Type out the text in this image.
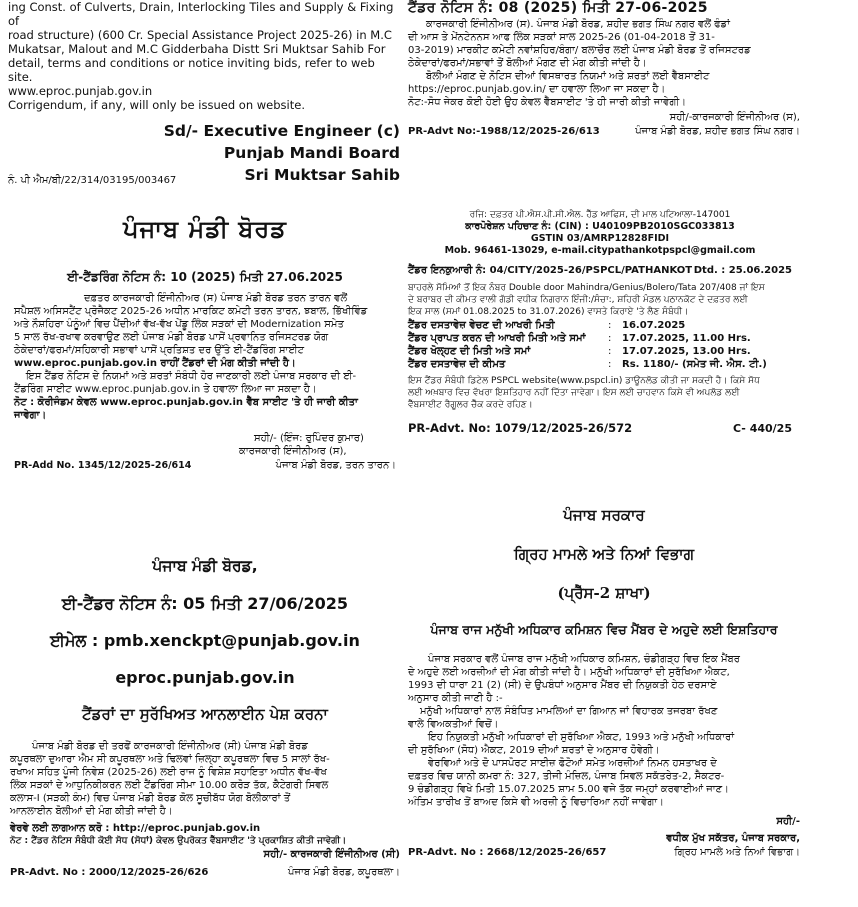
ing Const. of Culverts, Drain, Interlocking Tiles and Supply & Fixing of

road structure) (600 Cr. Special Assistance Project 2025-26) in M.C

Mukatsar, Malout and M.C Gidderbaha Distt Sri Muktsar Sahib For

detail, terms and conditions or notice inviting bids, refer to web site.

www.eproc.punjab.gov.in

Corrigendum, if any, will only be issued on website.

Sd/- Executive Engineer (c)

Punjab Mandi Board

ਨੰ. ਪੀ ਐਮ/ਬੀ/22/314/03195/003467	Sri Muktsar Sahib

ਟੈਂਡਰ ਨੋਟਿਸ ਨੰ: 08 (2025) ਮਿਤੀ 27-06-2025

ਕਾਰਜਕਾਰੀ ਇੰਜੀਨੀਅਰ (ਸ). ਪੰਜਾਬ ਮੰਡੀ ਬੋਰਡ, ਸ਼ਹੀਦ ਭਗਤ ਸਿੰਘ ਨਗਰ ਵਲੋਂ ਫੰਡਾਂ

ਦੀ ਆਸ ਤੇ ਮੇਂਨਟੇਨਨਸ ਆਫ ਲਿੰਕ ਸੜਕਾਂ ਸਾਲ 2025-26 (01-04-2018 ਤੋਂ 31-

03-2019) ਮਾਰਕੀਟ ਕਮੇਟੀ ਨਵਾਂਸ਼ਹਿਰ/ਬੰਗਾ/ ਬਲਾਚੌਰ ਲਈ ਪੰਜਾਬ ਮੰਡੀ ਬੋਰਡ ਤੋਂ ਰਜਿਸਟਰਡ

ਠੇਕੇਦਾਰਾਂ/ਫਰਮਾਂ/ਸਭਾਵਾਂ ਤੋਂ ਬੋਲੀਆਂ ਮੰਗਣ ਦੀ ਮੰਗ ਕੀਤੀ ਜਾਂਦੀ ਹੈ।

ਬੋਲੀਆਂ ਮੰਗਣ ਦੇ ਨੋਟਿਸ ਦੀਆਂ ਵਿਸਥਾਰਤ ਨਿਯਮਾਂ ਅਤੇ ਸ਼ਰਤਾਂ ਲਈ ਵੈੱਬਸਾਈਟ

https://eproc.punjab.gov.in/ ਦਾ ਹਵਾਲਾ ਲਿਆ ਜਾ ਸਕਦਾ ਹੈ।

ਨੋਟ:-ਸੋਧ ਜੇਕਰ ਕੋਈ ਹੋਈ ਉਹ ਕੇਵਲ ਵੈੱਬਸਾਈਟ 'ਤੇ ਹੀ ਜਾਰੀ ਕੀਤੀ ਜਾਵੇਗੀ।

ਸਹੀ/-ਕਾਰਜਕਾਰੀ ਇੰਜੀਨੀਅਰ (ਸ),

PR-Advt No:-1988/12/2025-26/613	ਪੰਜਾਬ ਮੰਡੀ ਬੋਰਡ, ਸ਼ਹੀਦ ਭਗਤ ਸਿੰਘ ਨਗਰ।

ਪੰਜਾਬ ਮੰਡੀ ਬੋਰਡ

ਈ-ਟੈਂਡਰਿੰਗ ਨੋਟਿਸ ਨੰ: 10 (2025) ਮਿਤੀ 27.06.2025

ਦਫ਼ਤਰ ਕਾਰਜਕਾਰੀ ਇੰਜੀਨੀਅਰ (ਸ) ਪੰਜਾਬ ਮੰਡੀ ਬੋਰਡ ਤਰਨ ਤਾਰਨ ਵਲੋਂ

ਸਪੈਸ਼ਲ ਅਸਿਸਟੈਂਟ ਪ੍ਰੋਜੈਕਟ 2025-26 ਅਧੀਨ ਮਾਰਕਿਟ ਕਮੇਟੀ ਤਰਨ ਤਾਰਨ, ਝਬਾਲ, ਭਿੱਖੀਵਿੰਡ

ਅਤੇ ਨੌਸ਼ਹਿਰਾ ਪੰਨੂੰਆਂ ਵਿਚ ਪੈਂਦੀਆਂ ਵੱਖ-ਵੱਖ ਪੇਂਡੂ ਲਿੰਕ ਸੜਕਾਂ ਦੀ Modernization ਸਮੇਤ

5 ਸਾਲ ਰੱਖ-ਰਖਾਵ ਕਰਵਾਉਣ ਲਈ ਪੰਜਾਬ ਮੰਡੀ ਬੋਰਡ ਪਾਸੋਂ ਪ੍ਰਵਾਨਿਤ ਰਜਿਸਟਰਡ ਯੋਗ

ਠੇਕੇਦਾਰਾਂ/ਫਰਮਾਂ/ਸਹਿਕਾਰੀ ਸਭਾਵਾਂ ਪਾਸੋਂ ਪ੍ਰਤਿਸ਼ਤ ਦਰ ਉੱਤੇ ਈ-ਟੈਂਡਰਿੰਗ ਸਾਈਟ

www.eproc.punjab.gov.in ਰਾਹੀਂ ਟੈਂਡਰਾਂ ਦੀ ਮੰਗ ਕੀਤੀ ਜਾਂਦੀ ਹੈ।

ਇਸ ਟੈਂਡਰ ਨੋਟਿਸ ਦੇ ਨਿਯਮਾਂ ਅਤੇ ਸ਼ਰਤਾਂ ਸੰਬੰਧੀ ਹੋਰ ਜਾਣਕਾਰੀ ਲਈ ਪੰਜਾਬ ਸਰਕਾਰ ਦੀ ਈ-

ਟੈਂਡਰਿੰਗ ਸਾਈਟ www.eproc.punjab.gov.in ਤੇ ਹਵਾਲਾ ਲਿਆ ਜਾ ਸਕਦਾ ਹੈ।

ਨੋਟ : ਕੋਰੀਜੰਡਮ ਕੇਵਲ www.eproc.punjab.gov.in ਵੈੱਬ ਸਾਈਟ 'ਤੇ ਹੀ ਜਾਰੀ ਕੀਤਾ

ਜਾਵੇਗਾ।

ਸਹੀ/- (ਇੰਜ: ਰੁਪਿੰਦਰ ਕੁਮਾਰ)

ਕਾਰਜਕਾਰੀ ਇੰਜੀਨੀਅਰ (ਸ),

PR-Add No. 1345/12/2025-26/614	ਪੰਜਾਬ ਮੰਡੀ ਬੋਰਡ, ਤਰਨ ਤਾਰਨ।

ਰਜਿ: ਦਫ਼ਤਰ ਪੀ.ਐਸ.ਪੀ.ਸੀ.ਐਲ. ਹੈੱਡ ਆਫਿਸ, ਦੀ ਮਾਲ ਪਟਿਆਲਾ-147001

ਕਾਰਪੋਰੇਸ਼ਨ ਪਹਿਚਾਣ ਨੰ: (CIN) : U40109PB2010SGC033813

GSTIN 03/AMRP12828FIDI

Mob. 96461-13029, e-mail.citypathankotpspcl@gmail.com

ਟੈਂਡਰ ਇਨਕੁਆਰੀ ਨੰ: 04/CITY/2025-26/PSPCL/PATHANKOT Dtd. : 25.06.2025

ਬਾਹਰਲੇ ਸੋਮਿਆਂ ਤੋਂ ਇਕ ਨੰਬਰ Double door Mahindra/Genius/Bolero/Tata 207/408 ਜਾਂ ਇਸ

ਦੇ ਬਰਾਬਰ ਦੀ ਕੀਮਤ ਵਾਲੀ ਗੱਡੀ ਵਧੀਕ ਨਿਗਰਾਨ ਇੰਜੀ:/ਸੰਚਾ:, ਸ਼ਹਿਰੀ ਮੰਡਲ ਪਠਾਨਕੋਟ ਦੇ ਦਫ਼ਤਰ ਲਈ

ਇਕ ਸਾਲ (ਸਮਾਂ 01.08.2025 to 31.07.2026) ਵਾਸਤੇ ਕਿਰਾਏ 'ਤੇ ਲੈਣ ਸੰਬੰਧੀ।

ਟੈਂਡਰ ਦਸਤਾਵੇਜ਼ ਵੇਚਣ ਦੀ ਆਖਰੀ ਮਿਤੀ	:	16.07.2025
ਟੈਂਡਰ ਪ੍ਰਾਪਤ ਕਰਨ ਦੀ ਆਖਰੀ ਮਿਤੀ ਅਤੇ ਸਮਾਂ	:	17.07.2025, 11.00 Hrs.
ਟੈਂਡਰ ਖੋਲ੍ਹਣ ਦੀ ਮਿਤੀ ਅਤੇ ਸਮਾਂ	:	17.07.2025, 13.00 Hrs.
ਟੈਂਡਰ ਦਸਤਾਵੇਜ਼ ਦੀ ਕੀਮਤ	:	Rs. 1180/- (ਸਮੇਤ ਜੀ. ਐਸ. ਟੀ.)

ਇਸ ਟੈਂਡਰ ਸੰਬੰਧੀ ਡਿਟੇਲ PSPCL website(www.pspcl.in) ਡਾਊਨਲੋਡ ਕੀਤੀ ਜਾ ਸਕਦੀ ਹੈ। ਕਿਸੇ ਸੋਧ

ਲਈ ਅਖ਼ਬਾਰ ਵਿਚ ਵੱਖਰਾ ਇਸ਼ਤਿਹਾਰ ਨਹੀਂ ਦਿੱਤਾ ਜਾਵੇਗਾ। ਇਸ ਲਈ ਚਾਹਵਾਨ ਕਿਸੇ ਵੀ ਅਪਲੋਡ ਲਈ

ਵੈੱਬਸਾਈਟ ਰੈਗੂਲਰ ਚੈੱਕ ਕਰਦੇ ਰਹਿਣ।

PR-Advt. No: 1079/12/2025-26/572	C- 440/25

ਪੰਜਾਬ ਮੰਡੀ ਬੋਰਡ,

ਈ-ਟੈਂਡਰ ਨੋਟਿਸ ਨੰ: 05 ਮਿਤੀ 27/06/2025

ਈਮੇਲ : pmb.xenckpt@punjab.gov.in

eproc.punjab.gov.in

ਟੈਂਡਰਾਂ ਦਾ ਸੁਰੱਖਿਅਤ ਆਨਲਾਈਨ ਪੇਸ਼ ਕਰਨਾ

ਪੰਜਾਬ ਮੰਡੀ ਬੋਰਡ ਦੀ ਤਰਫੋਂ ਕਾਰਜਕਾਰੀ ਇੰਜੀਨੀਅਰ (ਸੀ) ਪੰਜਾਬ ਮੰਡੀ ਬੋਰਡ

ਕਪੂਰਥਲਾ ਦੁਆਰਾ ਐਮ ਸੀ ਕਪੂਰਥਲਾ ਅਤੇ ਢਿਲਵਾਂ ਜ਼ਿਲ੍ਹਾ ਕਪੂਰਥਲਾ ਵਿਚ 5 ਸਾਲਾਂ ਰੱਖ-

ਰਖਾਅ ਸਹਿਤ ਪੂੰਜੀ ਨਿਵੇਸ਼ (2025-26) ਲਈ ਰਾਜ ਨੂੰ ਵਿਸ਼ੇਸ਼ ਸਹਾਇਤਾ ਅਧੀਨ ਵੱਖ-ਵੱਖ

ਲਿੰਕ ਸੜਕਾਂ ਦੇ ਆਧੁਨਿਕੀਕਰਨ ਲਈ ਟੈਂਡਰਿੰਗ ਸੀਮਾ 10.00 ਕਰੋੜ ਤੱਕ, ਕੈਟੇਗਰੀ ਸਿਵਲ

ਕਲਾਸ-I (ਸੜਕੀ ਕੰਮ) ਵਿਚ ਪੰਜਾਬ ਮੰਡੀ ਬੋਰਡ ਕੋਲ ਸੂਚੀਬੱਧ ਯੋਗ ਬੋਲੀਕਾਰਾਂ ਤੋਂ

ਆਨਲਾਈਨ ਬੋਲੀਆਂ ਦੀ ਮੰਗ ਕੀਤੀ ਜਾਂਦੀ ਹੈ।

ਵੇਰਵੇ ਲਈ ਲਾਗਆਨ ਕਰੋ : http://eproc.punjab.gov.in

ਨੋਟ : ਟੈਂਡਰ ਨੋਟਿਸ ਸੰਬੰਧੀ ਕੋਈ ਸੋਧ (ਸੋਧਾਂ) ਕੇਵਲ ਉਪਰੋਕਤ ਵੈੱਬਸਾਈਟ 'ਤੇ ਪ੍ਰਕਾਸ਼ਿਤ ਕੀਤੀ ਜਾਵੇਗੀ।

ਸਹੀ/- ਕਾਰਜਕਾਰੀ ਇੰਜੀਨੀਅਰ (ਸੀ)

PR-Advt. No : 2000/12/2025-26/626	ਪੰਜਾਬ ਮੰਡੀ ਬੋਰਡ, ਕਪੂਰਥਲਾ।

ਪੰਜਾਬ ਸਰਕਾਰ

ਗ੍ਰਿਹ ਮਾਮਲੇ ਅਤੇ ਨਿਆਂ ਵਿਭਾਗ

(ਪ੍ਰੈੱਸ-2 ਸ਼ਾਖਾ)

ਪੰਜਾਬ ਰਾਜ ਮਨੁੱਖੀ ਅਧਿਕਾਰ ਕਮਿਸ਼ਨ ਵਿਚ ਮੈਂਬਰ ਦੇ ਅਹੁਦੇ ਲਈ ਇਸ਼ਤਿਹਾਰ

ਪੰਜਾਬ ਸਰਕਾਰ ਵਲੋਂ ਪੰਜਾਬ ਰਾਜ ਮਨੁੱਖੀ ਅਧਿਕਾਰ ਕਮਿਸ਼ਨ, ਚੰਡੀਗੜ੍ਹ ਵਿਚ ਇਕ ਮੈਂਬਰ

ਦੇ ਅਹੁਦੇ ਲਈ ਅਰਜ਼ੀਆਂ ਦੀ ਮੰਗ ਕੀਤੀ ਜਾਂਦੀ ਹੈ। ਮਨੁੱਖੀ ਅਧਿਕਾਰਾਂ ਦੀ ਸੁਰੱਖਿਆ ਐਕਟ,

1993 ਦੀ ਧਾਰਾ 21 (2) (ਸੀ) ਦੇ ਉਪਬੰਧਾਂ ਅਨੁਸਾਰ ਮੈਂਬਰ ਦੀ ਨਿਯੁਕਤੀ ਹੇਠ ਦਰਸਾਏ

ਅਨੁਸਾਰ ਕੀਤੀ ਜਾਣੀ ਹੈ :-

ਮਨੁੱਖੀ ਅਧਿਕਾਰਾਂ ਨਾਲ ਸੰਬੰਧਿਤ ਮਾਮਲਿਆਂ ਦਾ ਗਿਆਨ ਜਾਂ ਵਿਹਾਰਕ ਤਜਰਬਾ ਰੱਖਣ

ਵਾਲੇ ਵਿਅਕਤੀਆਂ ਵਿਚੋਂ।

ਇਹ ਨਿਯੁਕਤੀ ਮਨੁੱਖੀ ਅਧਿਕਾਰਾਂ ਦੀ ਸੁਰੱਖਿਆ ਐਕਟ, 1993 ਅਤੇ ਮਨੁੱਖੀ ਅਧਿਕਾਰਾਂ

ਦੀ ਸੁਰੱਖਿਆ (ਸੋਧ) ਐਕਟ, 2019 ਦੀਆਂ ਸ਼ਰਤਾਂ ਦੇ ਅਨੁਸਾਰ ਹੋਵੇਗੀ।

ਵੇਰਵਿਆਂ ਅਤੇ ਦੋ ਪਾਸਪੋਰਟ ਸਾਈਜ਼ ਫੋਟੋਆਂ ਸਮੇਤ ਅਰਜ਼ੀਆਂ ਨਿਮਨ ਹਸਤਾਖਰ ਦੇ

ਦਫ਼ਤਰ ਵਿਚ ਯਾਨੀ ਕਮਰਾ ਨੰ: 327, ਤੀਜੀ ਮੰਜ਼ਿਲ, ਪੰਜਾਬ ਸਿਵਲ ਸਕੱਤਰੇਤ-2, ਸੈਕਟਰ-

9 ਚੰਡੀਗੜ੍ਹ ਵਿਖੇ ਮਿਤੀ 15.07.2025 ਸ਼ਾਮ 5.00 ਵਜੇ ਤੱਕ ਜਮ੍ਹਾਂ ਕਰਵਾਈਆਂ ਜਾਣ।

ਅੰਤਿਮ ਤਾਰੀਖ ਤੋਂ ਬਾਅਦ ਕਿਸੇ ਵੀ ਅਰਜ਼ੀ ਨੂੰ ਵਿਚਾਰਿਆ ਨਹੀਂ ਜਾਵੇਗਾ।

ਸਹੀ/-

ਵਧੀਕ ਮੁੱਖ ਸਕੱਤਰ, ਪੰਜਾਬ ਸਰਕਾਰ,

PR-Advt. No : 2668/12/2025-26/657	ਗ੍ਰਿਹ ਮਾਮਲੇ ਅਤੇ ਨਿਆਂ ਵਿਭਾਗ।
